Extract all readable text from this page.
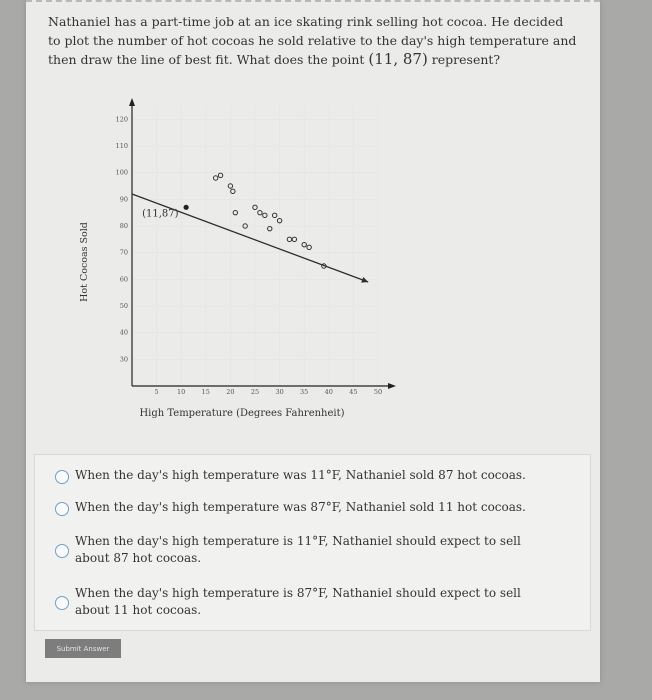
Nathaniel has a part-time job at an ice skating rink selling hot cocoa. He decided to plot the number of hot cocoas he sold relative to the day's high temperature and then draw the line of best fit. What does the point (11, 87) represent?
30
40
50
60
70
80
90
100
110
120
5	10	15	20	25	30	35	40	45	50
Hot Cocoas Sold
High Temperature (Degrees Fahrenheit)
(11,87)
When the day's high temperature was 11°F, Nathaniel sold 87 hot cocoas.
When the day's high temperature was 87°F, Nathaniel sold 11 hot cocoas.
When the day's high temperature is 11°F, Nathaniel should expect to sell about 87 hot cocoas.
When the day's high temperature is 87°F, Nathaniel should expect to sell about 11 hot cocoas.
Submit Answer
